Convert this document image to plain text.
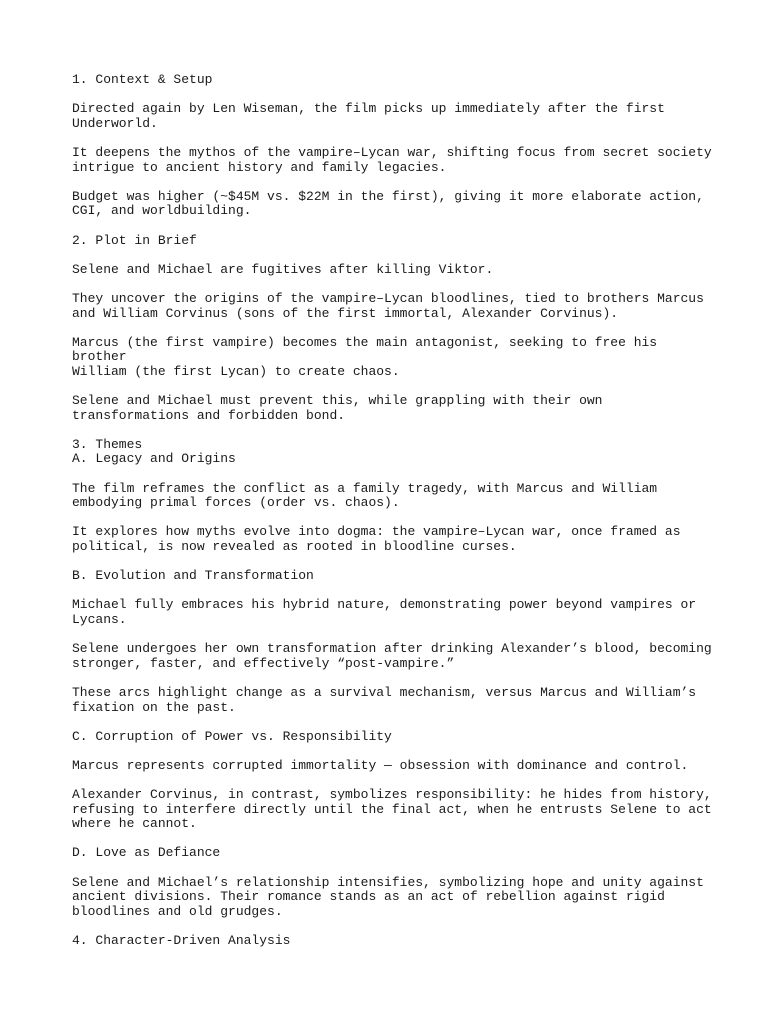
1. Context & Setup

Directed again by Len Wiseman, the film picks up immediately after the first
Underworld.

It deepens the mythos of the vampire–Lycan war, shifting focus from secret society
intrigue to ancient history and family legacies.

Budget was higher (~$45M vs. $22M in the first), giving it more elaborate action,
CGI, and worldbuilding.

2. Plot in Brief

Selene and Michael are fugitives after killing Viktor.

They uncover the origins of the vampire–Lycan bloodlines, tied to brothers Marcus
and William Corvinus (sons of the first immortal, Alexander Corvinus).

Marcus (the first vampire) becomes the main antagonist, seeking to free his brother
William (the first Lycan) to create chaos.

Selene and Michael must prevent this, while grappling with their own
transformations and forbidden bond.

3. Themes
A. Legacy and Origins

The film reframes the conflict as a family tragedy, with Marcus and William
embodying primal forces (order vs. chaos).

It explores how myths evolve into dogma: the vampire–Lycan war, once framed as
political, is now revealed as rooted in bloodline curses.

B. Evolution and Transformation

Michael fully embraces his hybrid nature, demonstrating power beyond vampires or
Lycans.

Selene undergoes her own transformation after drinking Alexander’s blood, becoming
stronger, faster, and effectively “post-vampire.”

These arcs highlight change as a survival mechanism, versus Marcus and William’s
fixation on the past.

C. Corruption of Power vs. Responsibility

Marcus represents corrupted immortality — obsession with dominance and control.

Alexander Corvinus, in contrast, symbolizes responsibility: he hides from history,
refusing to interfere directly until the final act, when he entrusts Selene to act
where he cannot.

D. Love as Defiance

Selene and Michael’s relationship intensifies, symbolizing hope and unity against
ancient divisions. Their romance stands as an act of rebellion against rigid
bloodlines and old grudges.

4. Character-Driven Analysis
